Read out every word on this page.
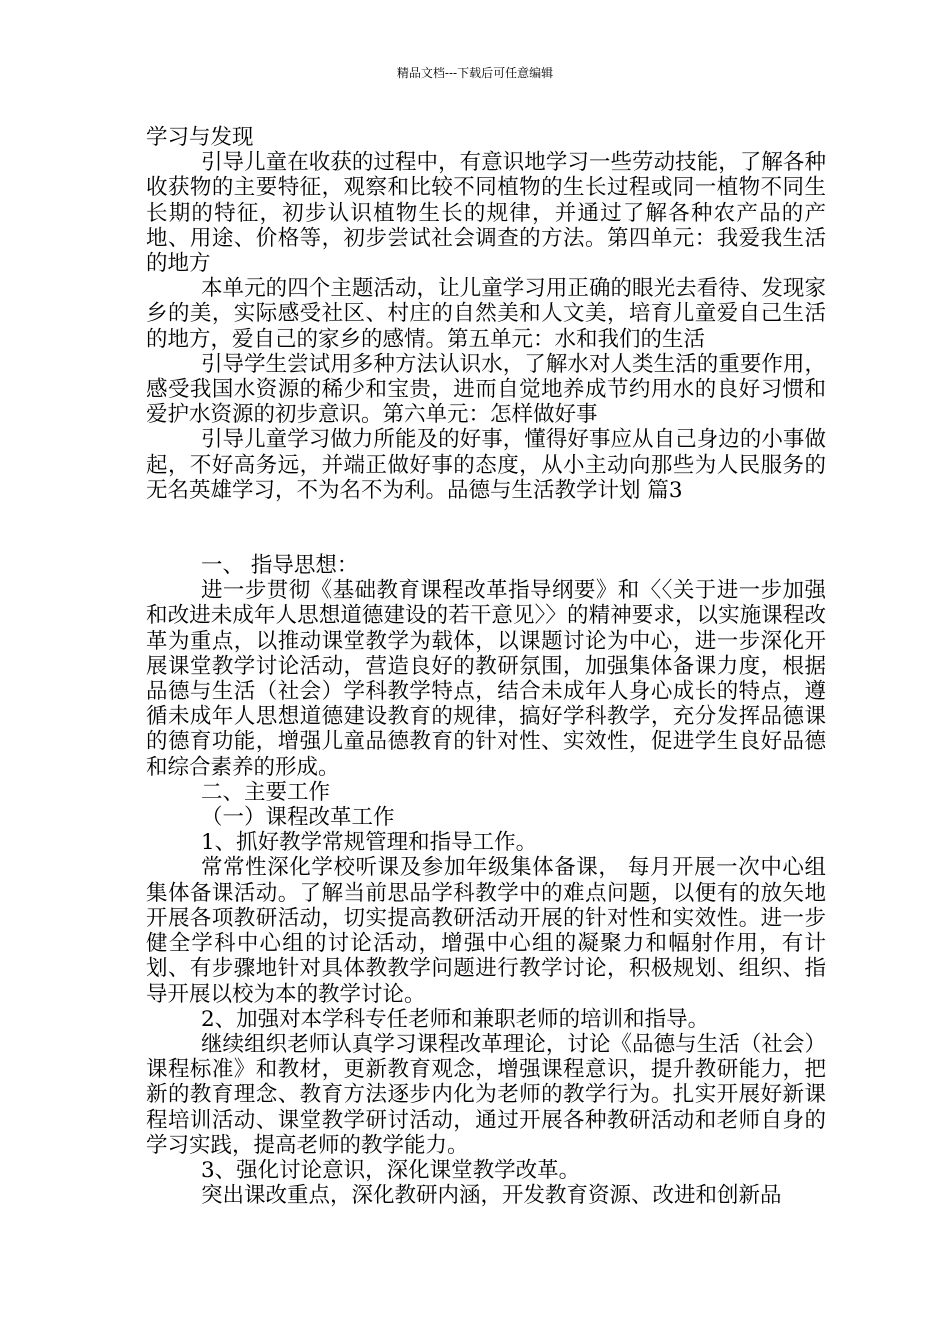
精品文档---下载后可任意编辑

学习与发现

引导儿童在收获的过程中，有意识地学习一些劳动技能，了解各种收获物的主要特征，观察和比较不同植物的生长过程或同一植物不同生长期的特征，初步认识植物生长的规律，并通过了解各种农产品的产地、用途、价格等，初步尝试社会调查的方法。第四单元：我爱我生活的地方

本单元的四个主题活动，让儿童学习用正确的眼光去看待、发现家乡的美，实际感受社区、村庄的自然美和人文美，培育儿童爱自己生活的地方，爱自己的家乡的感情。第五单元：水和我们的生活

引导学生尝试用多种方法认识水，了解水对人类生活的重要作用，感受我国水资源的稀少和宝贵，进而自觉地养成节约用水的良好习惯和爱护水资源的初步意识。第六单元：怎样做好事

引导儿童学习做力所能及的好事，懂得好事应从自己身边的小事做起，不好高务远，并端正做好事的态度，从小主动向那些为人民服务的无名英雄学习，不为名不为利。品德与生活教学计划 篇3

一、 指导思想：

进一步贯彻《基础教育课程改革指导纲要》和〈〈关于进一步加强和改进未成年人思想道德建设的若干意见〉〉的精神要求，以实施课程改革为重点，以推动课堂教学为载体，以课题讨论为中心，进一步深化开展课堂教学讨论活动，营造良好的教研氛围，加强集体备课力度，根据品德与生活（社会）学科教学特点，结合未成年人身心成长的特点，遵循未成年人思想道德建设教育的规律，搞好学科教学，充分发挥品德课的德育功能，增强儿童品德教育的针对性、实效性，促进学生良好品德和综合素养的形成。

二、主要工作

（一）课程改革工作

1、抓好教学常规管理和指导工作。

常常性深化学校听课及参加年级集体备课， 每月开展一次中心组集体备课活动。了解当前思品学科教学中的难点问题，以便有的放矢地开展各项教研活动，切实提高教研活动开展的针对性和实效性。进一步健全学科中心组的讨论活动，增强中心组的凝聚力和幅射作用，有计划、有步骤地针对具体教教学问题进行教学讨论，积极规划、组织、指导开展以校为本的教学讨论。

2、加强对本学科专任老师和兼职老师的培训和指导。

继续组织老师认真学习课程改革理论，讨论《品德与生活（社会）课程标准》和教材，更新教育观念，增强课程意识，提升教研能力，把新的教育理念、教育方法逐步内化为老师的教学行为。扎实开展好新课程培训活动、课堂教学研讨活动，通过开展各种教研活动和老师自身的学习实践，提高老师的教学能力。

3、强化讨论意识，深化课堂教学改革。

突出课改重点，深化教研内涵，开发教育资源、改进和创新品
